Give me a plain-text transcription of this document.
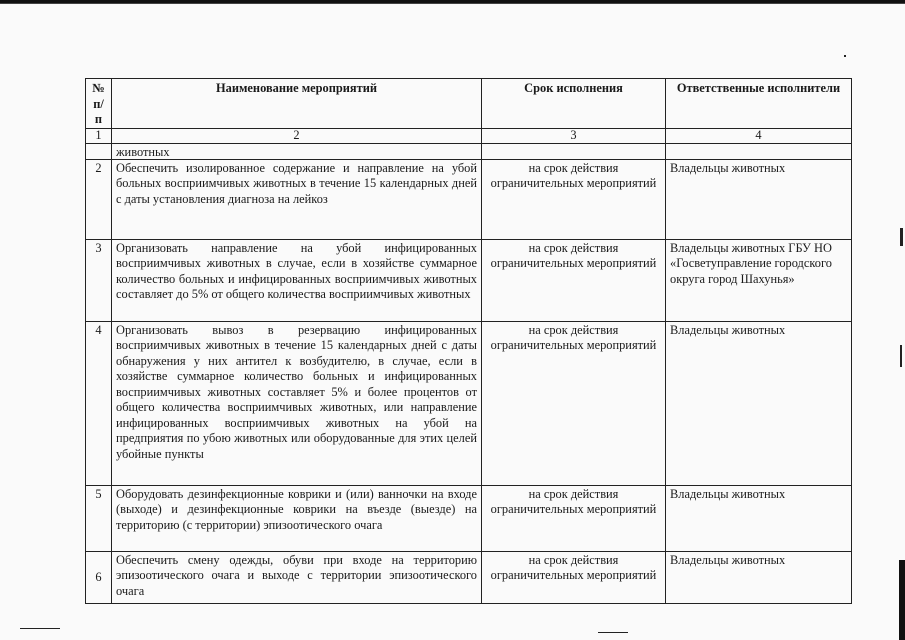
№ п/п	Наименование мероприятий	Срок исполнения	Ответственные исполнители
1	2	3	4
	животных		
2	Обеспечить изолированное содержание и направление на убой больных восприимчивых животных в течение 15 календарных дней с даты установления диагноза на лейкоз	на срок действия ограничительных мероприятий	Владельцы животных
3	Организовать направление на убой инфицированных восприимчивых животных в случае, если в хозяйстве суммарное количество больных и инфицированных восприимчивых животных составляет до 5% от общего количества восприимчивых животных	на срок действия ограничительных мероприятий	Владельцы животных ГБУ НО «Госветуправление городского округа город Шахунья»
4	Организовать вывоз в резервацию инфицированных восприимчивых животных в течение 15 календарных дней с даты обнаружения у них антител к возбудителю, в случае, если в хозяйстве суммарное количество больных и инфицированных восприимчивых животных составляет 5% и более процентов от общего количества восприимчивых животных, или направление инфицированных восприимчивых животных на убой на предприятия по убою животных или оборудованные для этих целей убойные пункты	на срок действия ограничительных мероприятий	Владельцы животных
5	Оборудовать дезинфекционные коврики и (или) ванночки на входе (выходе) и дезинфекционные коврики на въезде (выезде) на территорию (с территории) эпизоотического очага	на срок действия ограничительных мероприятий	Владельцы животных
6	Обеспечить смену одежды, обуви при входе на территорию эпизоотического очага и выходе с территории эпизоотического очага	на срок действия ограничительных мероприятий	Владельцы животных
